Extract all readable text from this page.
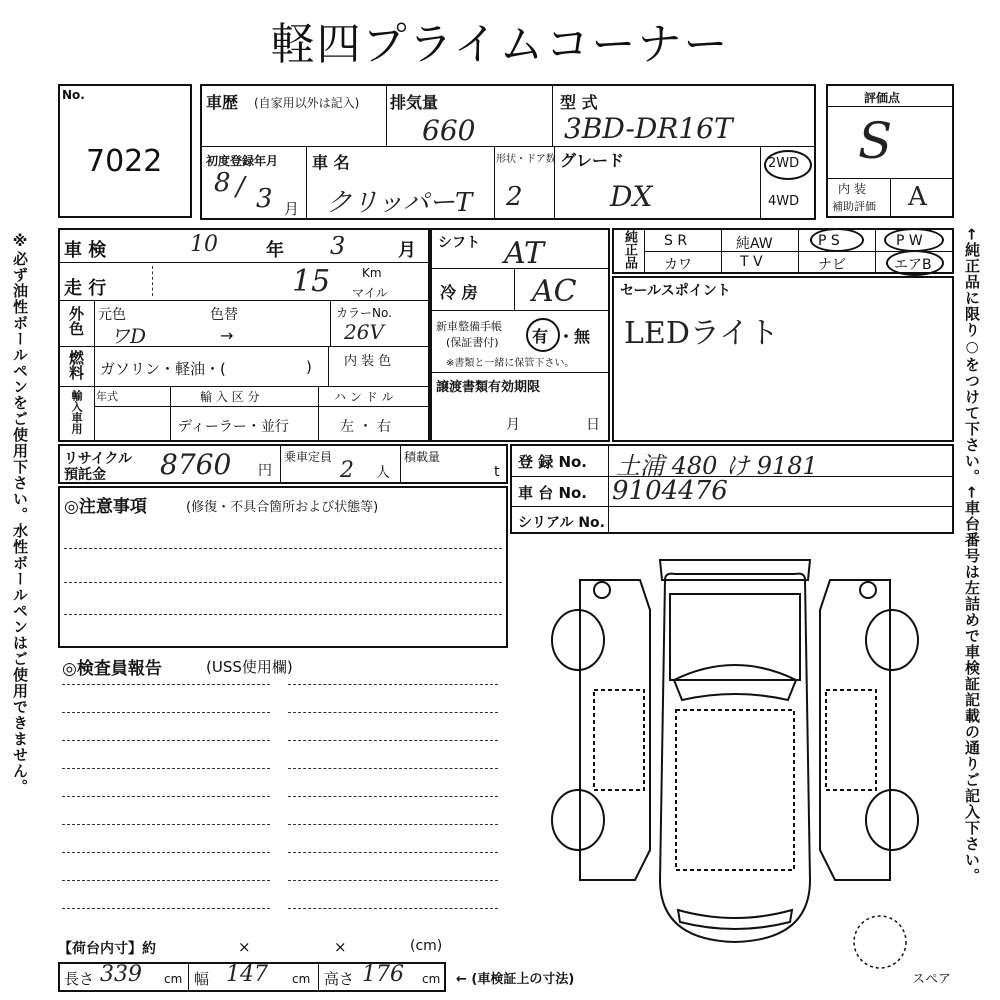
軽四プライムコーナー
※必ず油性ボールペンをご使用下さい。水性ボールペンはご使用できません。	←純正品に限り○をつけて下さい。
←車台番号は左詰めで車検証記載の通りご記入下さい。
No.
7022
車歴 (自家用以外は記入) 排気量
660
型 式
3BD-DR16T
初度登録年月
8 / 3 月
車 名
クリッパーT
形状・ドア数
2
グレード
DX
2WD
4WD
評価点
S
内 装
補助評価 A
車 検	10	年 3	月
走 行	15	Km
マイル
外色 元色	色替
ワD	→
カラーNo.
26V
燃料 ガソリン・軽油・(	) 内 装 色
輸入車用 年式	輸 入 区 分
ディーラー・並行
ハ ン ド ル
左 ・ 右
シフト AT
冷 房 AC
新車整備手帳
(保証書付) 有 ・ 無
※書類と一緒に保管下さい。
譲渡書類有効期限
月	日
純正品 S R	純AW	P S	P W
カワ	T V	ナビ	エアB
セールスポイント
LEDライト
リサイクル
預託金 8760 円
乗車定員
2 人
積載量
t
登 録 No. 土浦 480 け 9181
車 台 No. 9104476
シリアル No.
◎注意事項	(修復・不具合箇所および状態等)
◎検査員報告	(USS使用欄)
スペア
【荷台内寸】約	×	×	(cm)
長さ 339 cm 幅 147 cm 高さ 176 cm ← (車検証上の寸法)
